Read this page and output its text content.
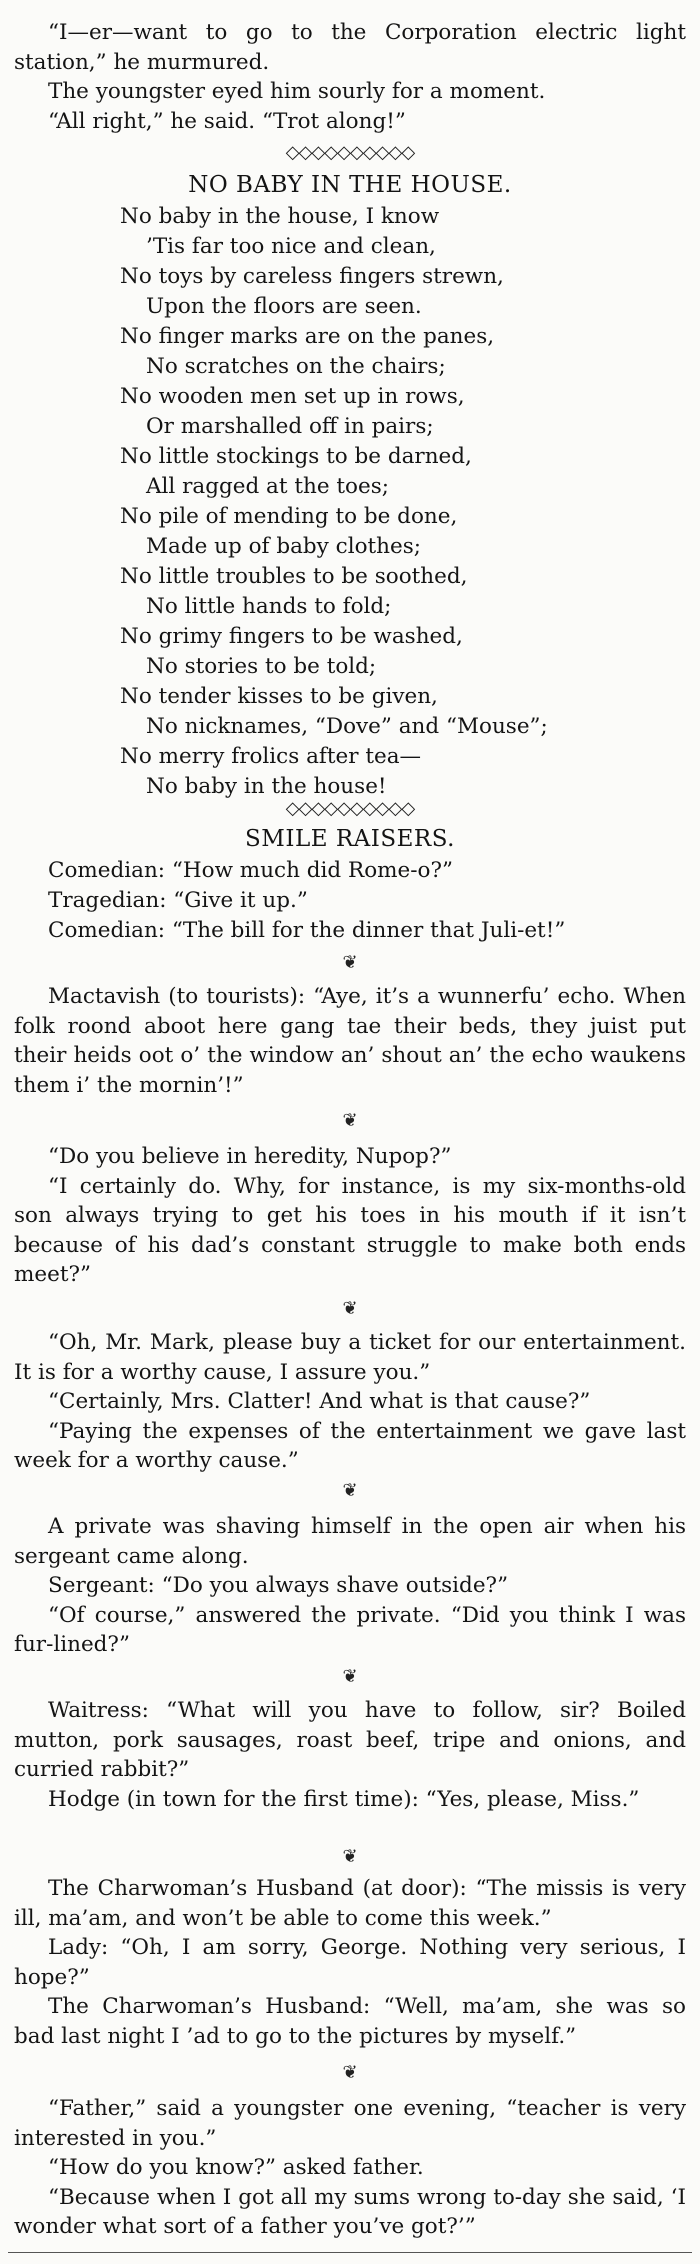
“I—er—want to go to the Corporation electric light station,” he murmured.

The youngster eyed him sourly for a moment.

“All right,” he said. “Trot along!”

◇◇◇◇◇◇◇◇◇◇
NO BABY IN THE HOUSE.
No baby in the house, I know
’Tis far too nice and clean,
No toys by careless fingers strewn,
Upon the floors are seen.
No finger marks are on the panes,
No scratches on the chairs;
No wooden men set up in rows,
Or marshalled off in pairs;
No little stockings to be darned,
All ragged at the toes;
No pile of mending to be done,
Made up of baby clothes;
No little troubles to be soothed,
No little hands to fold;
No grimy fingers to be washed,
No stories to be told;
No tender kisses to be given,
No nicknames, “Dove” and “Mouse”;
No merry frolics after tea—
No baby in the house!
◇◇◇◇◇◇◇◇◇◇
SMILE RAISERS.
Comedian: “How much did Rome-o?”
Tragedian: “Give it up.”
Comedian: “The bill for the dinner that Juli-et!”
❦

Mactavish (to tourists): “Aye, it’s a wunnerfu’ echo. When folk roond aboot here gang tae their beds, they juist put their heids oot o’ the window an’ shout an’ the echo waukens them i’ the mornin’!”

❦

“Do you believe in heredity, Nupop?”

“I certainly do. Why, for instance, is my six-months-old son always trying to get his toes in his mouth if it isn’t because of his dad’s constant struggle to make both ends meet?”

❦

“Oh, Mr. Mark, please buy a ticket for our entertainment. It is for a worthy cause, I assure you.”

“Certainly, Mrs. Clatter! And what is that cause?”

“Paying the expenses of the entertainment we gave last week for a worthy cause.”

❦

A private was shaving himself in the open air when his sergeant came along.

Sergeant: “Do you always shave outside?”

“Of course,” answered the private. “Did you think I was fur-lined?”

❦

Waitress: “What will you have to follow, sir? Boiled mutton, pork sausages, roast beef, tripe and onions, and curried rabbit?”

Hodge (in town for the first time): “Yes, please, Miss.”

❦

The Charwoman’s Husband (at door): “The missis is very ill, ma’am, and won’t be able to come this week.”

Lady: “Oh, I am sorry, George. Nothing very serious, I hope?”

The Charwoman’s Husband: “Well, ma’am, she was so bad last night I ’ad to go to the pictures by myself.”

❦

“Father,” said a youngster one evening, “teacher is very interested in you.”

“How do you know?” asked father.

“Because when I got all my sums wrong to-day she said, ‘I wonder what sort of a father you’ve got?’”
